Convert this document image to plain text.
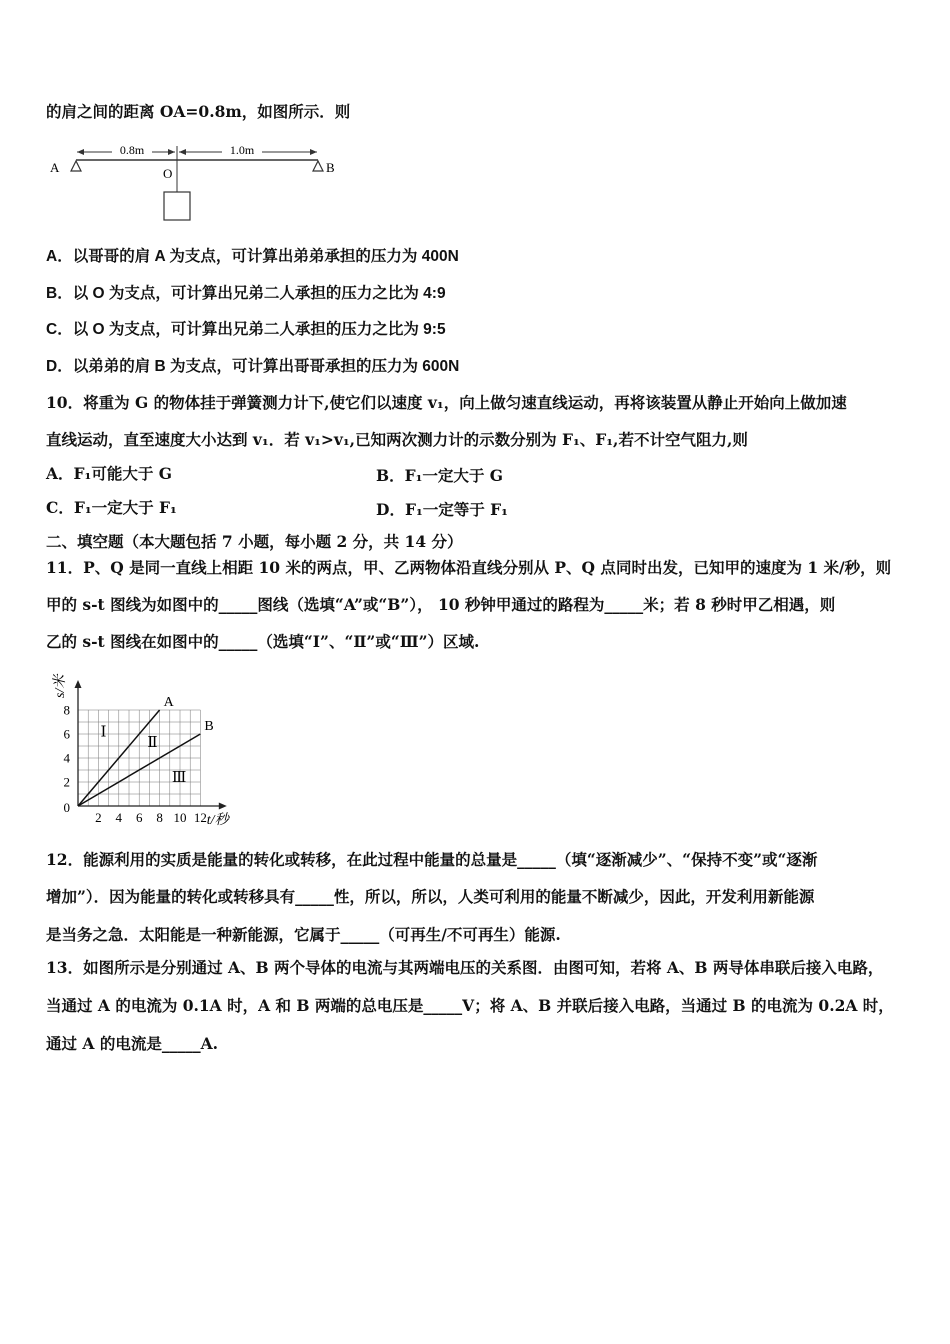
的肩之间的距离 OA=0.8m，如图所示．则
0.8m	1.0m
A	O	B
A．以哥哥的肩 A 为支点，可计算出弟弟承担的压力为 400N
B．以 O 为支点，可计算出兄弟二人承担的压力之比为 4:9
C．以 O 为支点，可计算出兄弟二人承担的压力之比为 9:5
D．以弟弟的肩 B 为支点，可计算出哥哥承担的压力为 600N
10．将重为 G 的物体挂于弹簧测力计下,使它们以速度 v₁，向上做匀速直线运动，再将该装置从静止开始向上做加速
直线运动，直至速度大小达到 v₁．若 v₁>v₁,已知两次测力计的示数分别为 F₁、F₁,若不计空气阻力,则
A．F₁可能大于 G	B．F₁一定大于 G
C．F₁一定大于 F₁	D．F₁一定等于 F₁
二、填空题（本大题包括 7 小题，每小题 2 分，共 14 分）
11．P、Q 是同一直线上相距 10 米的两点，甲、乙两物体沿直线分别从 P、Q 点同时出发，已知甲的速度为 1 米/秒，则
甲的 s-t 图线为如图中的_____图线（选填“A”或“B”）， 10 秒钟甲通过的路程为_____米；若 8 秒时甲乙相遇，则
乙的 s-t 图线在如图中的_____（选填“Ⅰ”、“Ⅱ”或“Ⅲ”）区域.
2 4 6 8 10 12
2
4
6
8
0
A
B
Ⅰ
Ⅱ
Ⅲ
s/米
t/秒
12．能源利用的实质是能量的转化或转移，在此过程中能量的总量是_____（填“逐渐减少”、“保持不变”或“逐渐
增加”）．因为能量的转化或转移具有_____性，所以，所以，人类可利用的能量不断减少，因此，开发利用新能源
是当务之急．太阳能是一种新能源，它属于_____（可再生/不可再生）能源.
13．如图所示是分别通过 A、B 两个导体的电流与其两端电压的关系图．由图可知，若将 A、B 两导体串联后接入电路，
当通过 A 的电流为 0.1A 时，A 和 B 两端的总电压是_____V；将 A、B 并联后接入电路，当通过 B 的电流为 0.2A 时，
通过 A 的电流是_____A.
